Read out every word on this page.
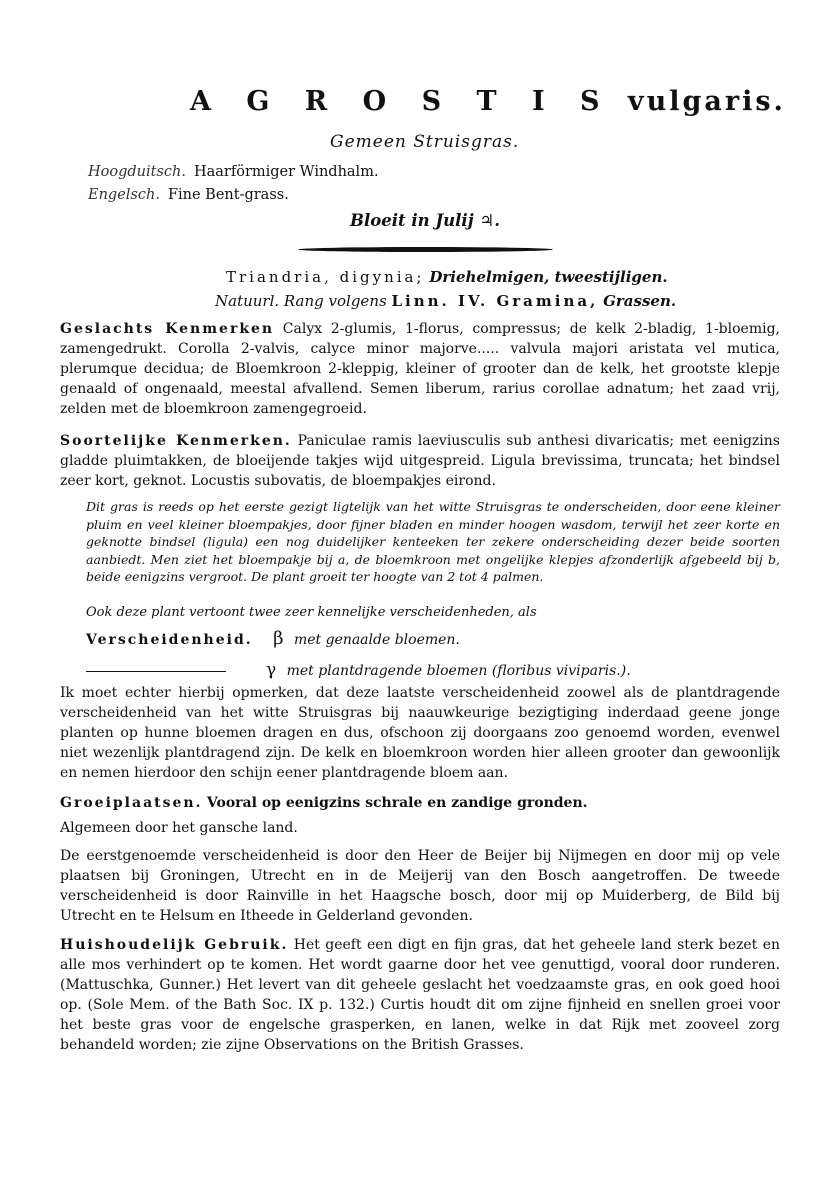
A G R O S T I S vulgaris.
Gemeen Struisgras.
Hoogduitsch. Haarförmiger Windhalm.
Engelsch. Fine Bent-grass.
Bloeit in Julij ♃.
Triandria, digynia; Driehelmigen, tweestijligen.
Natuurl. Rang volgens Linn. IV. Gramina, Grassen.
Geslachts Kenmerken Calyx 2-glumis, 1-florus, compressus; de kelk 2-bladig, 1-bloemig, zamengedrukt. Corolla 2-valvis, calyce minor majorve..... valvula majori aristata vel mutica, plerumque decidua; de Bloemkroon 2-kleppig, kleiner of grooter dan de kelk, het grootste klepje genaald of ongenaald, meestal afvallend. Semen liberum, rarius corollae adnatum; het zaad vrij, zelden met de bloemkroon zamengegroeid.
Soortelijke Kenmerken. Paniculae ramis laeviusculis sub anthesi divaricatis; met eenigzins gladde pluimtakken, de bloeijende takjes wijd uitgespreid. Ligula brevissima, truncata; het bindsel zeer kort, geknot. Locustis subovatis, de bloempakjes eirond.
Dit gras is reeds op het eerste gezigt ligtelijk van het witte Struisgras te onderscheiden, door eene kleiner pluim en veel kleiner bloempakjes, door fijner bladen en minder hoogen wasdom, terwijl het zeer korte en geknotte bindsel (ligula) een nog duidelijker kenteeken ter zekere onderscheiding dezer beide soorten aanbiedt. Men ziet het bloempakje bij a, de bloemkroon met ongelijke klepjes afzonderlijk afgebeeld bij b, beide eenigzins vergroot. De plant groeit ter hoogte van 2 tot 4 palmen.
Ook deze plant vertoont twee zeer kennelijke verscheidenheden, als
Verscheidenheid. β met genaalde bloemen.
γ met plantdragende bloemen (floribus viviparis.).
Ik moet echter hierbij opmerken, dat deze laatste verscheidenheid zoowel als de plantdragende verscheidenheid van het witte Struisgras bij naauwkeurige bezigtiging inderdaad geene jonge planten op hunne bloemen dragen en dus, ofschoon zij doorgaans zoo genoemd worden, evenwel niet wezenlijk plantdragend zijn. De kelk en bloemkroon worden hier alleen grooter dan gewoonlijk en nemen hierdoor den schijn eener plantdragende bloem aan.
Groeiplaatsen. Vooral op eenigzins schrale en zandige gronden.
Algemeen door het gansche land.
De eerstgenoemde verscheidenheid is door den Heer de Beijer bij Nijmegen en door mij op vele plaatsen bij Groningen, Utrecht en in de Meijerij van den Bosch aangetroffen. De tweede verscheidenheid is door Rainville in het Haagsche bosch, door mij op Muiderberg, de Bild bij Utrecht en te Helsum en Itheede in Gelderland gevonden.
Huishoudelijk Gebruik. Het geeft een digt en fijn gras, dat het geheele land sterk bezet en alle mos verhindert op te komen. Het wordt gaarne door het vee genuttigd, vooral door runderen. (Mattuschka, Gunner.) Het levert van dit geheele geslacht het voedzaamste gras, en ook goed hooi op. (Sole Mem. of the Bath Soc. IX p. 132.) Curtis houdt dit om zijne fijnheid en snellen groei voor het beste gras voor de engelsche grasperken, en lanen, welke in dat Rijk met zooveel zorg behandeld worden; zie zijne Observations on the British Grasses.
